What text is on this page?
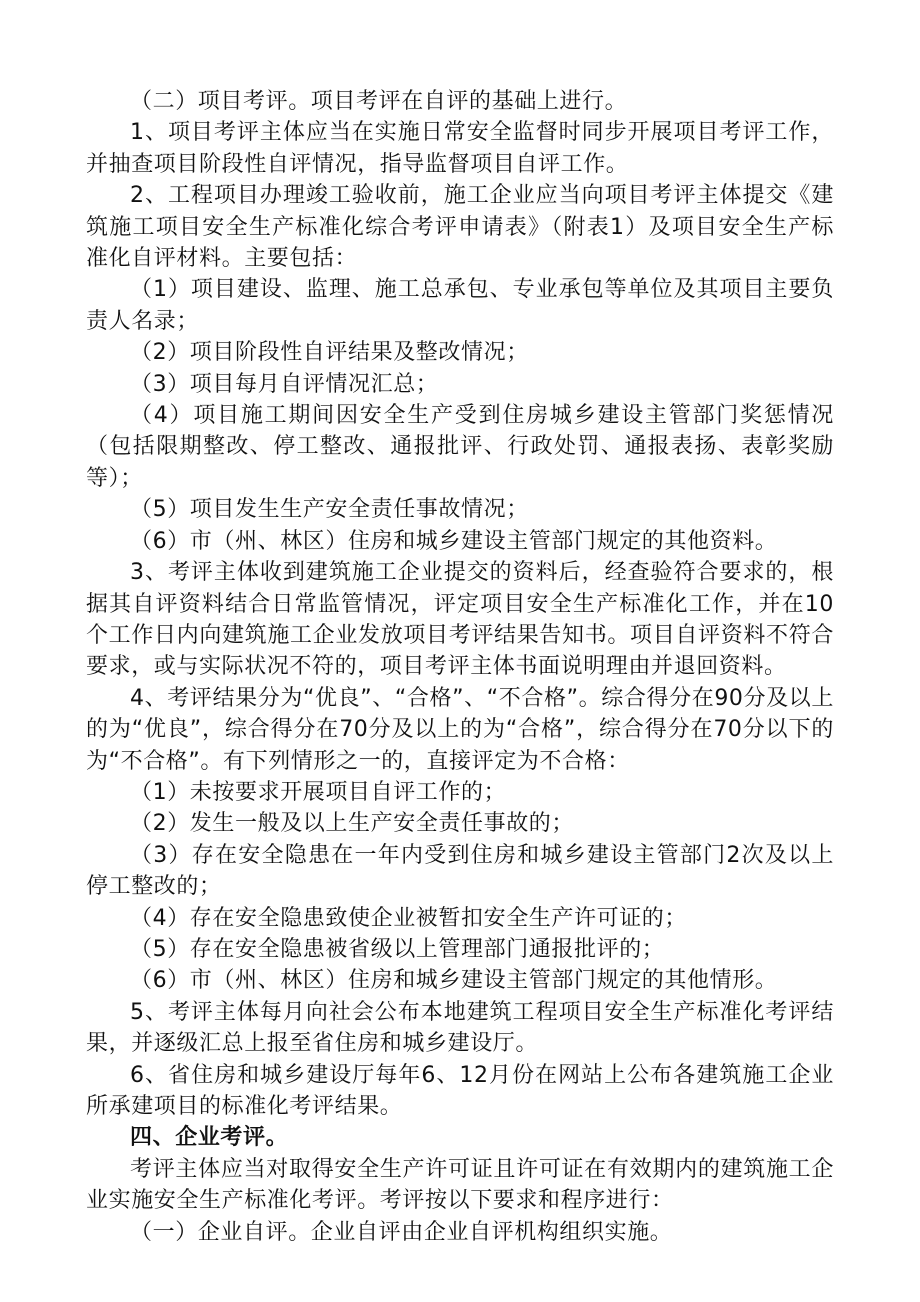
（二）项目考评。项目考评在自评的基础上进行。

1、项目考评主体应当在实施日常安全监督时同步开展项目考评工作，并抽查项目阶段性自评情况，指导监督项目自评工作。

2、工程项目办理竣工验收前，施工企业应当向项目考评主体提交《建筑施工项目安全生产标准化综合考评申请表》（附表1）及项目安全生产标准化自评材料。主要包括：

（1）项目建设、监理、施工总承包、专业承包等单位及其项目主要负责人名录；

（2）项目阶段性自评结果及整改情况；

（3）项目每月自评情况汇总；

（4）项目施工期间因安全生产受到住房城乡建设主管部门奖惩情况（包括限期整改、停工整改、通报批评、行政处罚、通报表扬、表彰奖励等）；

（5）项目发生生产安全责任事故情况；

（6）市（州、林区）住房和城乡建设主管部门规定的其他资料。

3、考评主体收到建筑施工企业提交的资料后，经查验符合要求的，根据其自评资料结合日常监管情况，评定项目安全生产标准化工作，并在10个工作日内向建筑施工企业发放项目考评结果告知书。项目自评资料不符合要求，或与实际状况不符的，项目考评主体书面说明理由并退回资料。

4、考评结果分为“优良”、“合格”、“不合格”。综合得分在90分及以上的为“优良”，综合得分在70分及以上的为“合格”，综合得分在70分以下的为“不合格”。有下列情形之一的，直接评定为不合格：

（1）未按要求开展项目自评工作的；

（2）发生一般及以上生产安全责任事故的；

（3）存在安全隐患在一年内受到住房和城乡建设主管部门2次及以上停工整改的；

（4）存在安全隐患致使企业被暂扣安全生产许可证的；

（5）存在安全隐患被省级以上管理部门通报批评的；

（6）市（州、林区）住房和城乡建设主管部门规定的其他情形。

5、考评主体每月向社会公布本地建筑工程项目安全生产标准化考评结果，并逐级汇总上报至省住房和城乡建设厅。

6、省住房和城乡建设厅每年6、12月份在网站上公布各建筑施工企业所承建项目的标准化考评结果。

四、企业考评。

考评主体应当对取得安全生产许可证且许可证在有效期内的建筑施工企业实施安全生产标准化考评。考评按以下要求和程序进行：

（一）企业自评。企业自评由企业自评机构组织实施。
